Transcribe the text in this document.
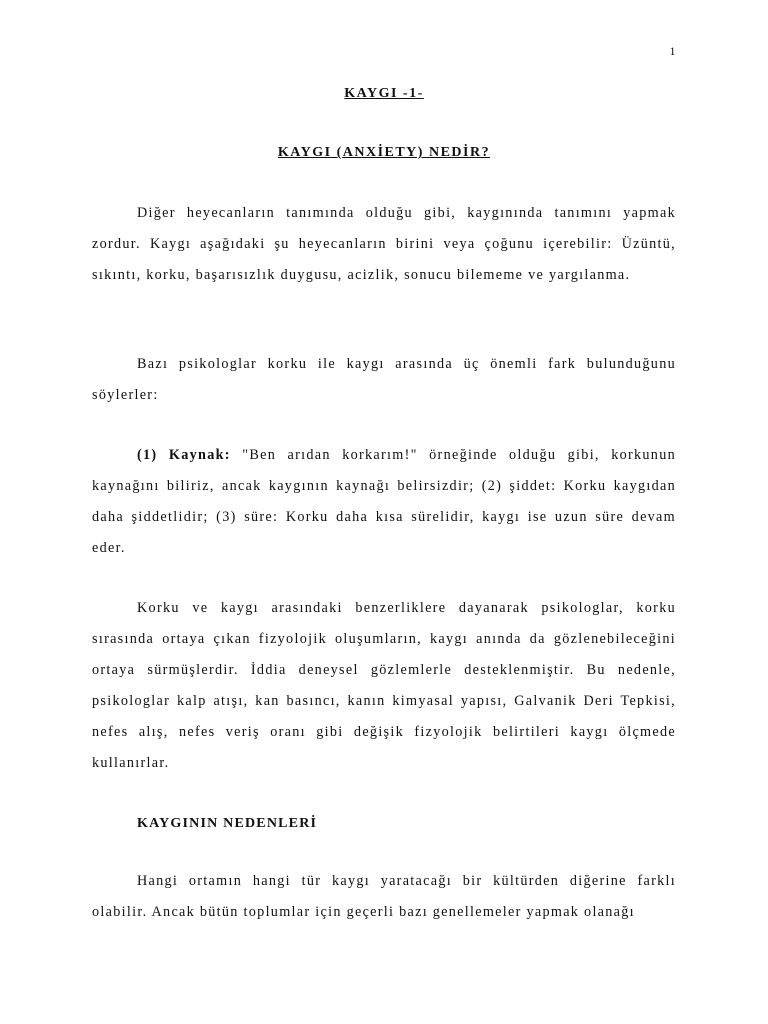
1
KAYGI -1-
KAYGI (ANXİETY) NEDİR?

Diğer heyecanların tanımında olduğu gibi, kaygınında tanımını yapmak zordur. Kaygı aşağıdaki şu heyecanların birini veya çoğunu içerebilir: Üzüntü, sıkıntı, korku, başarısızlık duygusu, acizlik, sonucu bilememe ve yargılanma.

Bazı psikologlar korku ile kaygı arasında üç önemli fark bulunduğunu söylerler:

(1) Kaynak: "Ben arıdan korkarım!" örneğinde olduğu gibi, korkunun kaynağını biliriz, ancak kaygının kaynağı belirsizdir; (2) şiddet: Korku kaygıdan daha şiddetlidir; (3) süre: Korku daha kısa sürelidir, kaygı ise uzun süre devam eder.

Korku ve kaygı arasındaki benzerliklere dayanarak psikologlar, korku sırasında ortaya çıkan fizyolojik oluşumların, kaygı anında da gözlenebileceğini ortaya sürmüşlerdir. İddia deneysel gözlemlerle desteklenmiştir. Bu nedenle, psikologlar kalp atışı, kan basıncı, kanın kimyasal yapısı, Galvanik Deri Tepkisi, nefes alış, nefes veriş oranı gibi değişik fizyolojik belirtileri kaygı ölçmede kullanırlar.

KAYGININ NEDENLERİ

Hangi ortamın hangi tür kaygı yaratacağı bir kültürden diğerine farklı olabilir. Ancak bütün toplumlar için geçerli bazı genellemeler yapmak olanağı
